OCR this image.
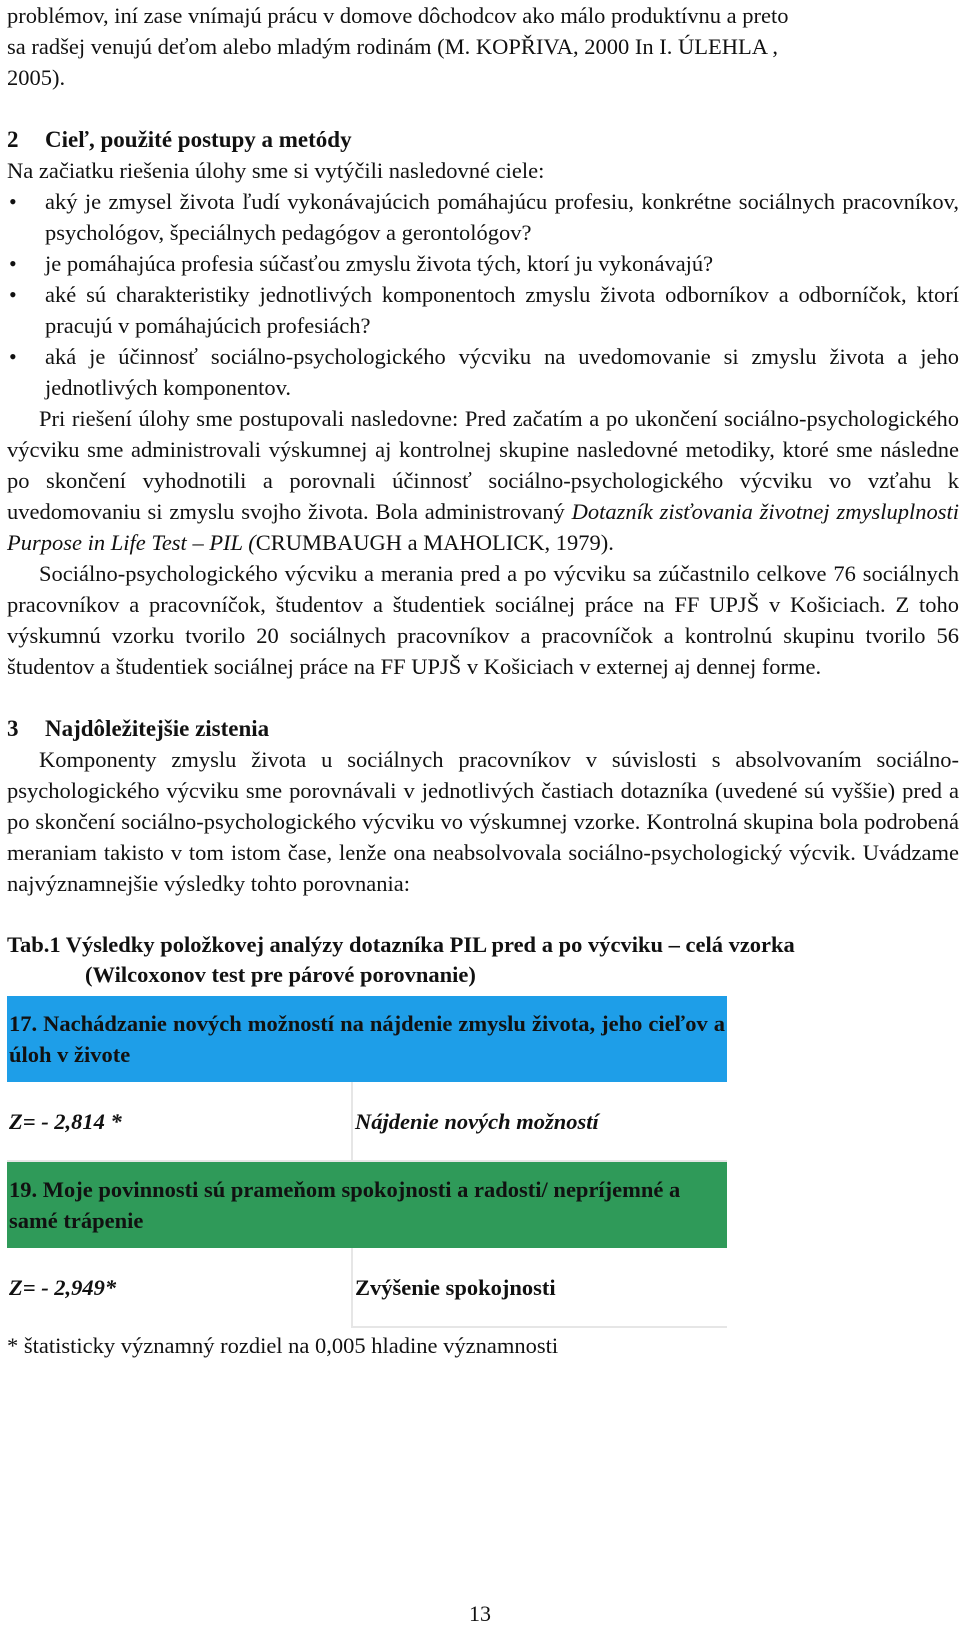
problémov, iní zase vnímajú prácu v domove dôchodcov ako málo produktívnu a preto

sa radšej venujú deťom alebo mladým rodinám (M. KOPŘIVA, 2000 In I. ÚLEHLA ,

2005).

2 Cieľ, použité postupy a metódy

Na začiatku riešenia úlohy sme si vytýčili nasledovné ciele:

• aký je zmysel života ľudí vykonávajúcich pomáhajúcu profesiu, konkrétne sociálnych pracovníkov, psychológov, špeciálnych pedagógov a gerontológov?
• je pomáhajúca profesia súčasťou zmyslu života tých, ktorí ju vykonávajú?
• aké sú charakteristiky jednotlivých komponentoch zmyslu života odborníkov a odborníčok, ktorí pracujú v pomáhajúcich profesiách?
• aká je účinnosť sociálno-psychologického výcviku na uvedomovanie si zmyslu života a jeho jednotlivých komponentov.

Pri riešení úlohy sme postupovali nasledovne: Pred začatím a po ukončení sociálno-psychologického výcviku sme administrovali výskumnej aj kontrolnej skupine nasledovné metodiky, ktoré sme následne po skončení vyhodnotili a porovnali účinnosť sociálno-psychologického výcviku vo vzťahu k uvedomovaniu si zmyslu svojho života. Bola administrovaný Dotazník zisťovania životnej zmysluplnosti Purpose in Life Test – PIL (CRUMBAUGH a MAHOLICK, 1979).

Sociálno-psychologického výcviku a merania pred a po výcviku sa zúčastnilo celkove 76 sociálnych pracovníkov a pracovníčok, študentov a študentiek sociálnej práce na FF UPJŠ v Košiciach. Z toho výskumnú vzorku tvorilo 20 sociálnych pracovníkov a pracovníčok a kontrolnú skupinu tvorilo 56 študentov a študentiek sociálnej práce na FF UPJŠ v Košiciach v externej aj dennej forme.

3 Najdôležitejšie zistenia

Komponenty zmyslu života u sociálnych pracovníkov v súvislosti s absolvovaním sociálno-psychologického výcviku sme porovnávali v jednotlivých častiach dotazníka (uvedené sú vyššie) pred a po skončení sociálno-psychologického výcviku vo výskumnej vzorke. Kontrolná skupina bola podrobená meraniam takisto v tom istom čase, lenže ona neabsolvovala sociálno-psychologický výcvik. Uvádzame najvýznamnejšie výsledky tohto porovnania:

Tab.1 Výsledky položkovej analýzy dotazníka PIL pred a po výcviku – celá vzorka

(Wilcoxonov test pre párové porovnanie)

17. Nachádzanie nových možností na nájdenie zmyslu života, jeho cieľov a úloh v živote	
Z= - 2,814 *	Nájdenie nových možností
19. Moje povinnosti sú prameňom spokojnosti a radosti/ nepríjemné a samé trápenie	
Z= - 2,949*	Zvýšenie spokojnosti

* štatisticky významný rozdiel na 0,005 hladine významnosti

13
